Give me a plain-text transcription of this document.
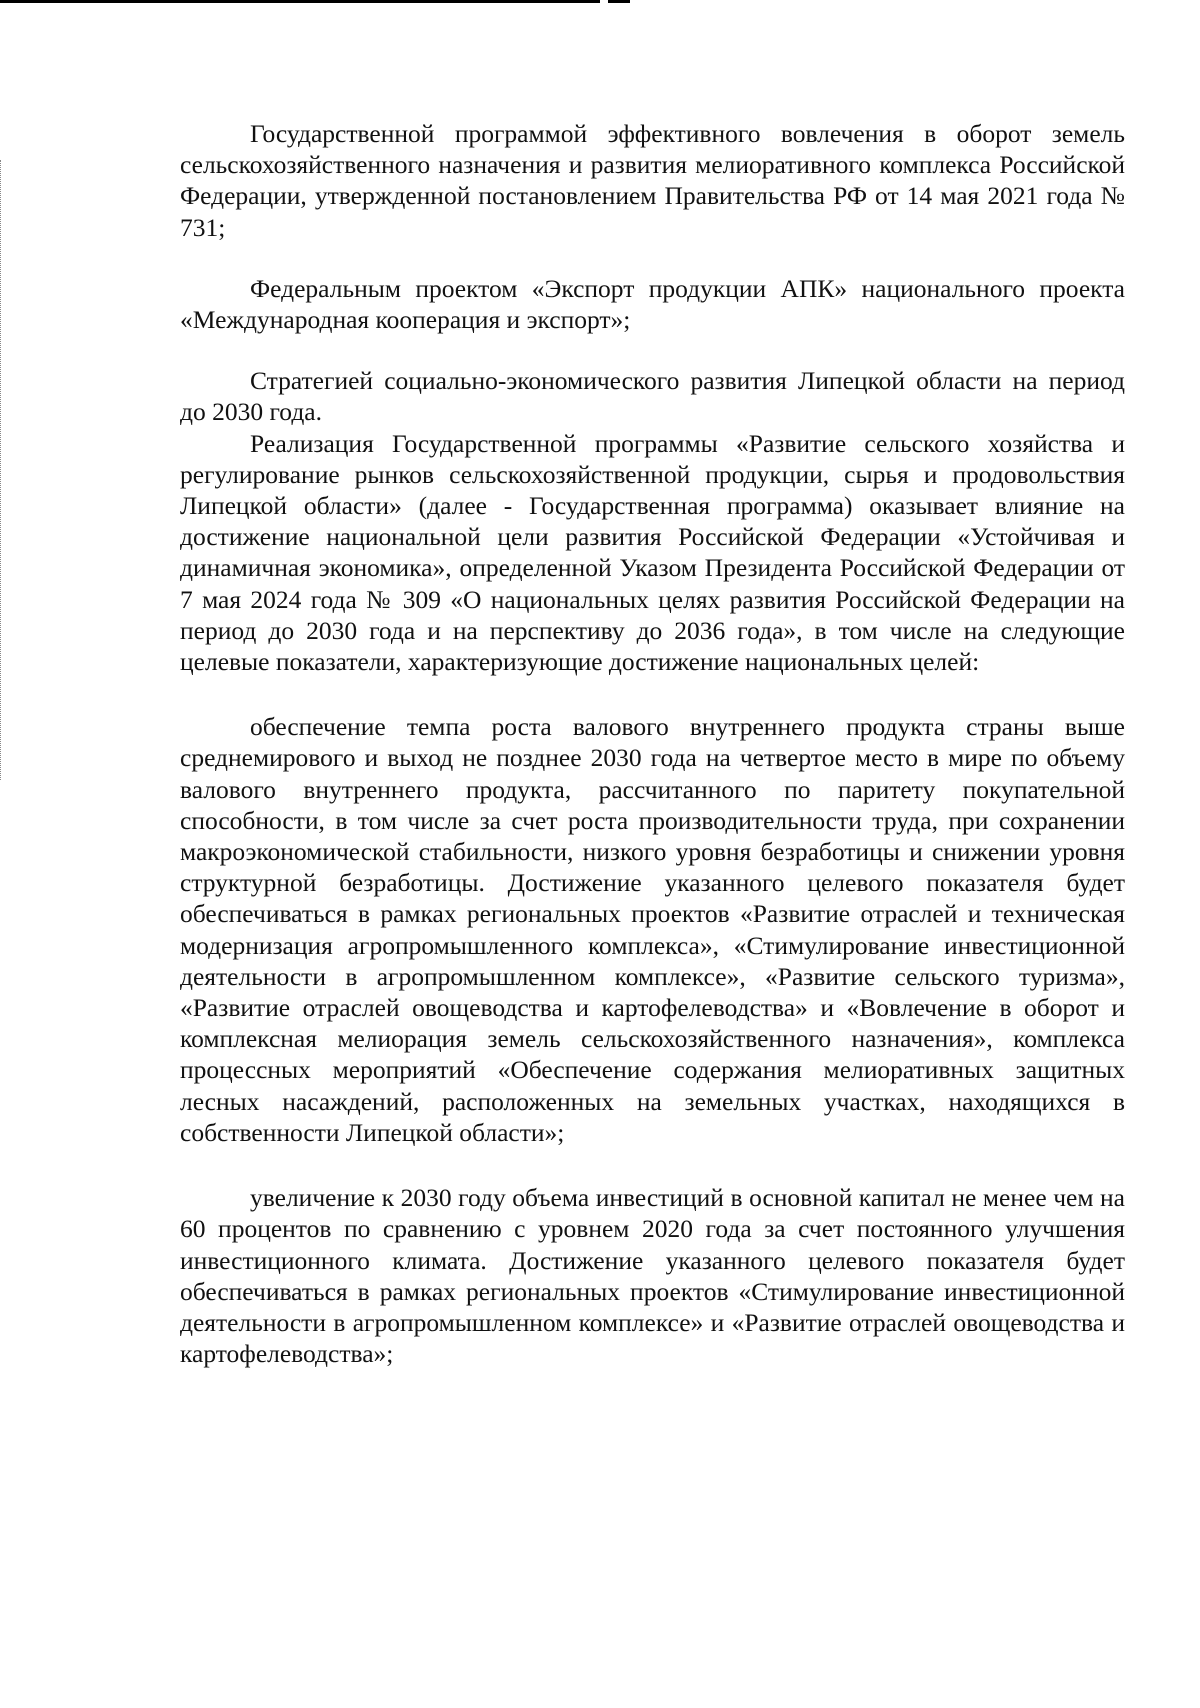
Государственной программой эффективного вовлечения в оборот земель сельскохозяйственного назначения и развития мелиоративного комплекса Российской Федерации, утвержденной постановлением Правительства РФ от 14 мая 2021 года № 731;

Федеральным проектом «Экспорт продукции АПК» национального проекта «Международная кооперация и экспорт»;

Стратегией социально-экономического развития Липецкой области на период до 2030 года.

Реализация Государственной программы «Развитие сельского хозяйства и регулирование рынков сельскохозяйственной продукции, сырья и продовольствия Липецкой области» (далее - Государственная программа) оказывает влияние на достижение национальной цели развития Российской Федерации «Устойчивая и динамичная экономика», определенной Указом Президента Российской Федерации от 7 мая 2024 года № 309 «О национальных целях развития Российской Федерации на период до 2030 года и на перспективу до 2036 года», в том числе на следующие целевые показатели, характеризующие достижение национальных целей:

обеспечение темпа роста валового внутреннего продукта страны выше среднемирового и выход не позднее 2030 года на четвертое место в мире по объему валового внутреннего продукта, рассчитанного по паритету покупательной способности, в том числе за счет роста производительности труда, при сохранении макроэкономической стабильности, низкого уровня безработицы и снижении уровня структурной безработицы. Достижение указанного целевого показателя будет обеспечиваться в рамках региональных проектов «Развитие отраслей и техническая модернизация агропромышленного комплекса», «Стимулирование инвестиционной деятельности в агропромышленном комплексе», «Развитие сельского туризма», «Развитие отраслей овощеводства и картофелеводства» и «Вовлечение в оборот и комплексная мелиорация земель сельскохозяйственного назначения», комплекса процессных мероприятий «Обеспечение содержания мелиоративных защитных лесных насаждений, расположенных на земельных участках, находящихся в собственности Липецкой области»;

увеличение к 2030 году объема инвестиций в основной капитал не менее чем на 60 процентов по сравнению с уровнем 2020 года за счет постоянного улучшения инвестиционного климата. Достижение указанного целевого показателя будет обеспечиваться в рамках региональных проектов «Стимулирование инвестиционной деятельности в агропромышленном комплексе» и «Развитие отраслей овощеводства и картофелеводства»;
